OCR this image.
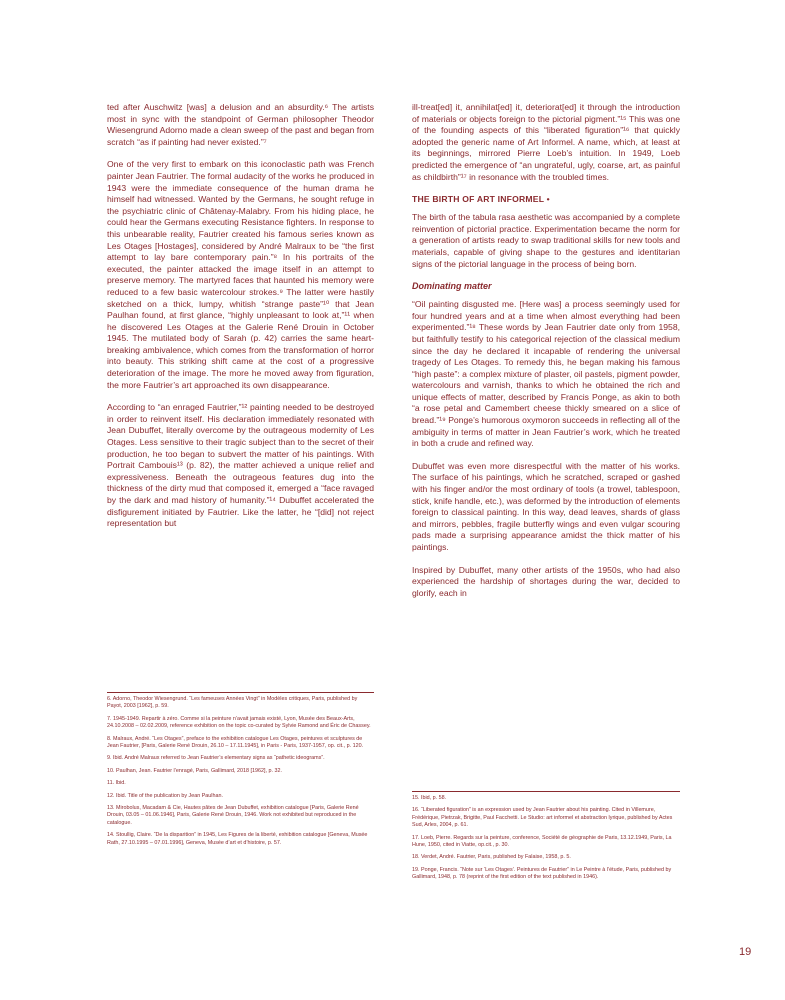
ted after Auschwitz [was] a delusion and an absurdity.⁶ The artists most in sync with the standpoint of German philosopher Theodor Wiesengrund Adorno made a clean sweep of the past and began from scratch “as if painting had never existed.”⁷

One of the very first to embark on this iconoclastic path was French painter Jean Fautrier. The formal audacity of the works he produced in 1943 were the immediate consequence of the human drama he himself had witnessed. Wanted by the Germans, he sought refuge in the psychiatric clinic of Châtenay-Malabry. From his hiding place, he could hear the Germans executing Resistance fighters. In response to this unbearable reality, Fautrier created his famous series known as Les Otages [Hostages], considered by André Malraux to be “the first attempt to lay bare contemporary pain.”⁸ In his portraits of the executed, the painter attacked the image itself in an attempt to preserve memory. The martyred faces that haunted his memory were reduced to a few basic watercolour strokes.⁹ The latter were hastily sketched on a thick, lumpy, whitish “strange paste”¹⁰ that Jean Paulhan found, at first glance, “highly unpleasant to look at,”¹¹ when he discovered Les Otages at the Galerie René Drouin in October 1945. The mutilated body of Sarah (p. 42) carries the same heart-breaking ambivalence, which comes from the transformation of horror into beauty. This striking shift came at the cost of a progressive deterioration of the image. The more he moved away from figuration, the more Fautrier’s art approached its own disappearance.

According to “an enraged Fautrier,”¹² painting needed to be destroyed in order to reinvent itself. His declaration immediately resonated with Jean Dubuffet, literally overcome by the outrageous modernity of Les Otages. Less sensitive to their tragic subject than to the secret of their production, he too began to subvert the matter of his paintings. With Portrait Cambouis¹³ (p. 82), the matter achieved a unique relief and expressiveness. Beneath the outrageous features dug into the thickness of the dirty mud that composed it, emerged a “face ravaged by the dark and mad history of humanity.”¹⁴ Dubuffet accelerated the disfigurement initiated by Fautrier. Like the latter, he “[did] not reject representation but

ill-treat[ed] it, annihilat[ed] it, deteriorat[ed] it through the introduction of materials or objects foreign to the pictorial pigment.”¹⁵ This was one of the founding aspects of this “liberated figuration”¹⁶ that quickly adopted the generic name of Art Informel. A name, which, at least at its beginnings, mirrored Pierre Loeb’s intuition. In 1949, Loeb predicted the emergence of “an ungrateful, ugly, coarse, art, as painful as childbirth”¹⁷ in resonance with the troubled times.

THE BIRTH OF ART INFORMEL •

The birth of the tabula rasa aesthetic was accompanied by a complete reinvention of pictorial practice. Experimentation became the norm for a generation of artists ready to swap traditional skills for new tools and materials, capable of giving shape to the gestures and identitarian signs of the pictorial language in the process of being born.

Dominating matter

“Oil painting disgusted me. [Here was] a process seemingly used for four hundred years and at a time when almost everything had been experimented.”¹⁸ These words by Jean Fautrier date only from 1958, but faithfully testify to his categorical rejection of the classical medium since the day he declared it incapable of rendering the universal tragedy of Les Otages. To remedy this, he began making his famous “high paste”: a complex mixture of plaster, oil pastels, pigment powder, watercolours and varnish, thanks to which he obtained the rich and unique effects of matter, described by Francis Ponge, as akin to both “a rose petal and Camembert cheese thickly smeared on a slice of bread.”¹⁹ Ponge’s humorous oxymoron succeeds in reflecting all of the ambiguity in terms of matter in Jean Fautrier’s work, which he treated in both a crude and refined way.

Dubuffet was even more disrespectful with the matter of his works. The surface of his paintings, which he scratched, scraped or gashed with his finger and/or the most ordinary of tools (a trowel, tablespoon, stick, knife handle, etc.), was deformed by the introduction of elements foreign to classical painting. In this way, dead leaves, shards of glass and mirrors, pebbles, fragile butterfly wings and even vulgar scouring pads made a surprising appearance amidst the thick matter of his paintings.

Inspired by Dubuffet, many other artists of the 1950s, who had also experienced the hardship of shortages during the war, decided to glorify, each in

6. Adorno, Theodor Wiesengrund. “Les fameuses Années Vingt” in Modèles critiques, Paris, published by Payot, 2003 [1962], p. 59.

7. 1945-1949. Repartir à zéro. Comme si la peinture n’avait jamais existé, Lyon, Musée des Beaux-Arts, 24.10.2008 – 02.02.2009, reference exhibition on the topic co-curated by Sylvie Ramond and Éric de Chassey.

8. Malraux, André. “Les Otages”, preface to the exhibition catalogue Les Otages, peintures et sculptures de Jean Fautrier, [Paris, Galerie René Drouin, 26.10 – 17.11.1945], in Paris - Paris, 1937-1957, op. cit., p. 120.

9. Ibid. André Malraux referred to Jean Fautrier’s elementary signs as “pathetic ideograms”.

10. Paulhan, Jean. Fautrier l’enragé, Paris, Gallimard, 2018 [1962], p. 32.

11. Ibid.

12. Ibid. Title of the publication by Jean Paulhan.

13. Mirobolus, Macadam & Cie, Hautes pâtes de Jean Dubuffet, exhibition catalogue [Paris, Galerie René Drouin, 03.05 – 01.06.1946], Paris, Galerie René Drouin, 1946. Work not exhibited but reproduced in the catalogue.

14. Stoullig, Claire. “De la disparition” in 1945, Les Figures de la liberté, exhibition catalogue [Geneva, Musée Rath, 27.10.1995 – 07.01.1996], Geneva, Musée d’art et d’histoire, p. 57.

15. Ibid, p. 58.

16. “Liberated figuration” is an expression used by Jean Fautrier about his painting. Cited in Villemure, Frédérique, Pietrzak, Brigitte, Paul Facchetti. Le Studio: art informel et abstraction lyrique, published by Actes Sud, Arles, 2004, p. 61.

17. Loeb, Pierre. Regards sur la peinture, conference, Société de géographie de Paris, 13.12.1949, Paris, La Hune, 1950, cited in Viatte, op.cit., p. 30.

18. Verdet, André. Fautrier, Paris, published by Falaise, 1958, p. 5.

19. Ponge, Francis. “Note sur ‘Les Otages’. Peintures de Fautrier” in Le Peintre à l’étude, Paris, published by Gallimard, 1948, p. 78 (reprint of the first edition of the text published in 1946).

19
